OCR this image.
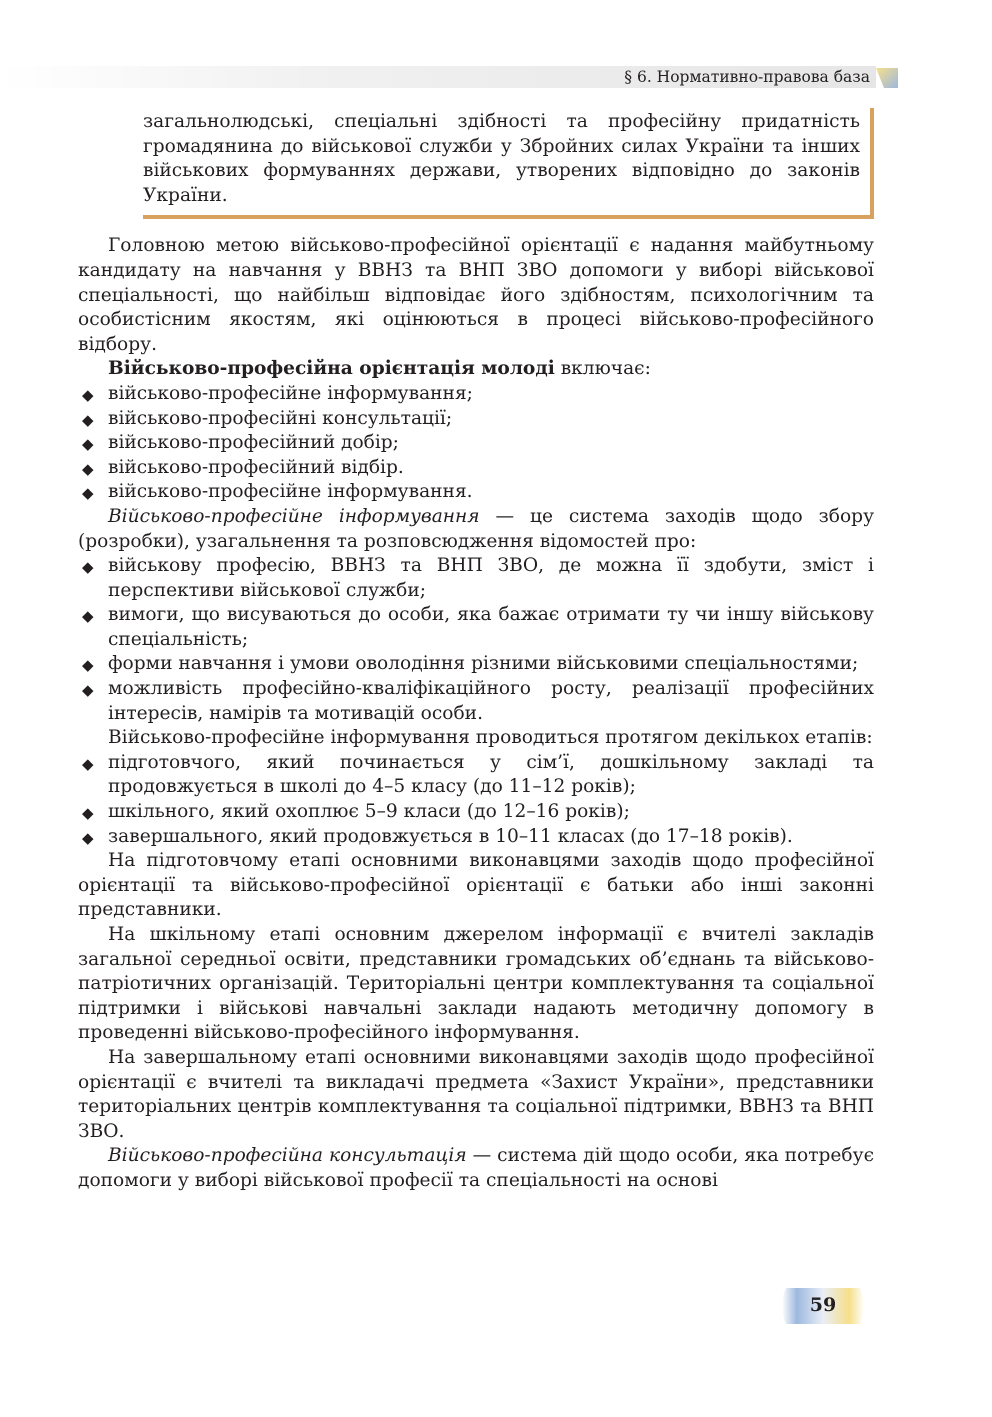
§ 6. Нормативно-правова база

загальнолюдські, спеціальні здібності та професійну придатність громадянина до військової служби у Збройних силах України та інших військових формуваннях держави, утворених відповідно до законів України.

Головною метою військово-професійної орієнтації є надання майбутньому кандидату на навчання у ВВНЗ та ВНП ЗВО допомоги у виборі військової спеціальності, що найбільш відповідає його здібностям, психологічним та особистісним якостям, які оцінюються в процесі військово-професійного відбору.

Військово-професійна орієнтація молоді включає:

◆ військово-професійне інформування;
◆ військово-професійні консультації;
◆ військово-професійний добір;
◆ військово-професійний відбір.
◆ військово-професійне інформування.

Військово-професійне інформування — це система заходів щодо збору (розробки), узагальнення та розповсюдження відомостей про:

◆ військову професію, ВВНЗ та ВНП ЗВО, де можна її здобути, зміст і перспективи військової служби;
◆ вимоги, що висуваються до особи, яка бажає отримати ту чи іншу військову спеціальність;
◆ форми навчання і умови оволодіння різними військовими спеціальностями;
◆ можливість професійно-кваліфікаційного росту, реалізації професійних інтересів, намірів та мотивацій особи.

Військово-професійне інформування проводиться протягом декількох етапів:

◆ підготовчого, який починається у сім’ї, дошкільному закладі та продовжується в школі до 4–5 класу (до 11–12 років);
◆ шкільного, який охоплює 5–9 класи (до 12–16 років);
◆ завершального, який продовжується в 10–11 класах (до 17–18 років).

На підготовчому етапі основними виконавцями заходів щодо професійної орієнтації та військово-професійної орієнтації є батьки або інші законні представники.

На шкільному етапі основним джерелом інформації є вчителі закладів загальної середньої освіти, представники громадських об’єднань та військово-патріотичних організацій. Територіальні центри комплектування та соціальної підтримки і військові навчальні заклади надають методичну допомогу в проведенні військово-професійного інформування.

На завершальному етапі основними виконавцями заходів щодо професійної орієнтації є вчителі та викладачі предмета «Захист України», представники територіальних центрів комплектування та соціальної підтримки, ВВНЗ та ВНП ЗВО.

Військово-професійна консультація — система дій щодо особи, яка потребує допомоги у виборі військової професії та спеціальності на основі

59
